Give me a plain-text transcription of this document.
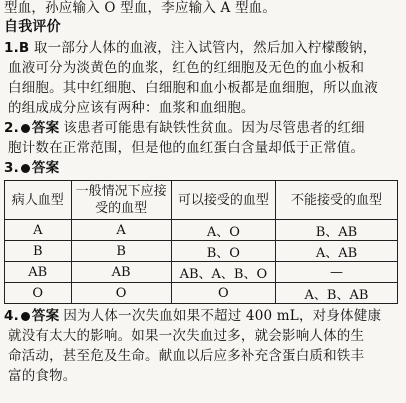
型血，孙应输入 O 型血，李应输入 A 型血。
自我评价
1.B 取一部分人体的血液，注入试管内，然后加入柠檬酸钠，
血液可分为淡黄色的血浆，红色的红细胞及无色的血小板和
白细胞。其中红细胞、白细胞和血小板都是血细胞，所以血液
的组成成分应该有两种：血浆和血细胞。
2. 答案 该患者可能患有缺铁性贫血。因为尽管患者的红细
胞计数在正常范围，但是他的血红蛋白含量却低于正常值。
3. 答案
病人血型	一般情况下应接受的血型	可以接受的血型	不能接受的血型
A	A	A、O	B、AB
B	B	B、O	A、AB
AB	AB	AB、A、B、O	—
O	O	O	A、B、AB
4. 答案 因为人体一次失血如果不超过 400 mL，对身体健康
就没有太大的影响。如果一次失血过多，就会影响人体的生
命活动，甚至危及生命。献血以后应多补充含蛋白质和铁丰
富的食物。
